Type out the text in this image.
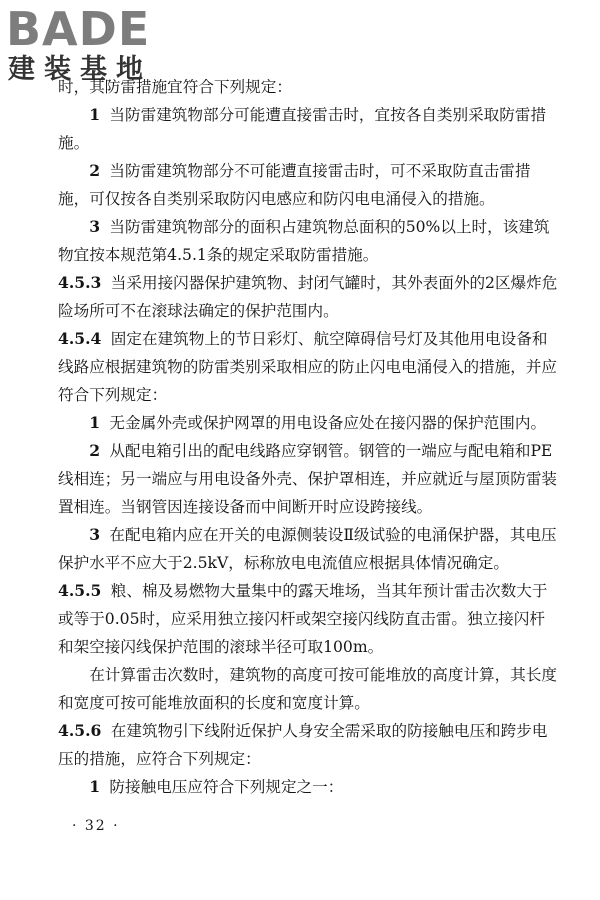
BADE
建装基地

时，其防雷措施宜符合下列规定：

1 当防雷建筑物部分可能遭直接雷击时，宜按各自类别采取防雷措施。

2 当防雷建筑物部分不可能遭直接雷击时，可不采取防直击雷措施，可仅按各自类别采取防闪电感应和防闪电电涌侵入的措施。

3 当防雷建筑物部分的面积占建筑物总面积的50%以上时，该建筑物宜按本规范第4.5.1条的规定采取防雷措施。

4.5.3 当采用接闪器保护建筑物、封闭气罐时，其外表面外的2区爆炸危险场所可不在滚球法确定的保护范围内。

4.5.4 固定在建筑物上的节日彩灯、航空障碍信号灯及其他用电设备和线路应根据建筑物的防雷类别采取相应的防止闪电电涌侵入的措施，并应符合下列规定：

1 无金属外壳或保护网罩的用电设备应处在接闪器的保护范围内。

2 从配电箱引出的配电线路应穿钢管。钢管的一端应与配电箱和PE线相连；另一端应与用电设备外壳、保护罩相连，并应就近与屋顶防雷装置相连。当钢管因连接设备而中间断开时应设跨接线。

3 在配电箱内应在开关的电源侧装设Ⅱ级试验的电涌保护器，其电压保护水平不应大于2.5kV，标称放电电流值应根据具体情况确定。

4.5.5 粮、棉及易燃物大量集中的露天堆场，当其年预计雷击次数大于或等于0.05时，应采用独立接闪杆或架空接闪线防直击雷。独立接闪杆和架空接闪线保护范围的滚球半径可取100m。

在计算雷击次数时，建筑物的高度可按可能堆放的高度计算，其长度和宽度可按可能堆放面积的长度和宽度计算。

4.5.6 在建筑物引下线附近保护人身安全需采取的防接触电压和跨步电压的措施，应符合下列规定：

1 防接触电压应符合下列规定之一：

· 32 ·
